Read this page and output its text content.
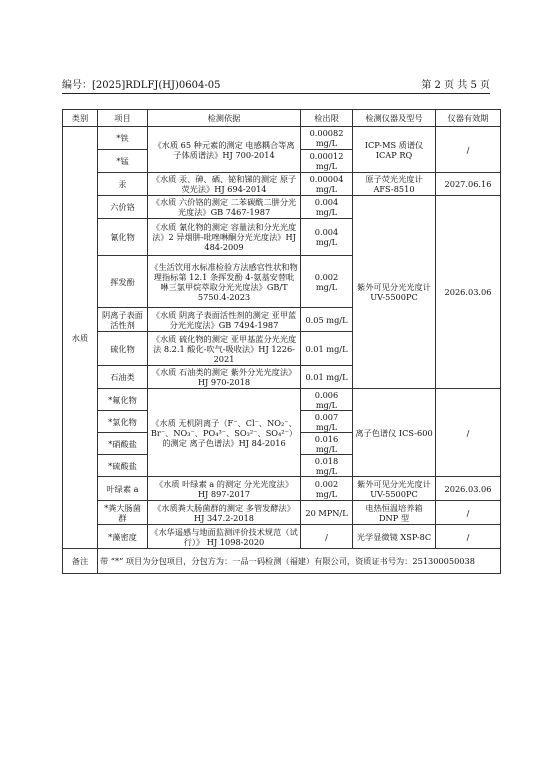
编号：[2025]RDLFJ(HJ)0604-05	第 2 页 共 5 页
类别	项目	检测依据	检出限	检测仪器及型号	仪器有效期
水质	*铁	《水质 65 种元素的测定 电感耦合等离子体质谱法》HJ 700-2014	0.00082 mg/L	ICP-MS 质谱仪 ICAP RQ	/
	*锰		0.00012 mg/L		
	汞	《水质 汞、砷、硒、铋和锑的测定 原子荧光法》HJ 694-2014	0.00004 mg/L	原子荧光光度计 AFS-8510	2027.06.16
	六价铬	《水质 六价铬的测定 二苯碳酰二肼分光光度法》GB 7467-1987	0.004 mg/L	紫外可见分光光度计 UV-5500PC	2026.03.06
	氰化物	《水质 氰化物的测定 容量法和分光光度法》2 异烟肼-吡唑啉酮分光光度法》HJ 484-2009	0.004 mg/L		
	挥发酚	《生活饮用水标准检验方法感官性状和物理指标第 12.1 条挥发酚 4-氨基安替吡啉三氯甲烷萃取分光光度法》GB/T 5750.4-2023	0.002 mg/L		
	阴离子表面活性剂	《水质 阴离子表面活性剂的测定 亚甲蓝分光光度法》GB 7494-1987	0.05 mg/L		
	硫化物	《水质 硫化物的测定 亚甲基蓝分光光度法 8.2.1 酸化-吹气-吸收法》HJ 1226-2021	0.01 mg/L		
	石油类	《水质 石油类的测定 紫外分光光度法》HJ 970-2018	0.01 mg/L		
	*氟化物	《水质 无机阴离子（F⁻、Cl⁻、NO₂⁻、Br⁻、NO₃⁻、PO₄³⁻、SO₃²⁻、SO₄²⁻）的测定 离子色谱法》HJ 84-2016	0.006 mg/L	离子色谱仪 ICS-600	/
	*氯化物		0.007 mg/L		
	*硝酸盐		0.016 mg/L		
	*硫酸盐		0.018 mg/L		
	叶绿素 a	《水质 叶绿素 a 的测定 分光光度法》HJ 897-2017	0.002 mg/L	紫外可见分光光度计 UV-5500PC	2026.03.06
	*粪大肠菌群	《水质粪大肠菌群的测定 多管发酵法》HJ 347.2-2018	20 MPN/L	电热恒温培养箱 DNP 型	/
	*藻密度	《水华遥感与地面监测评价技术规范（试行）》 HJ 1098-2020	/	光学显微镜 XSP-8C	/
备注	带 “*” 项目为分包项目，分包方为：一品一码检测（福建）有限公司，资质证书号为：251300050038				
